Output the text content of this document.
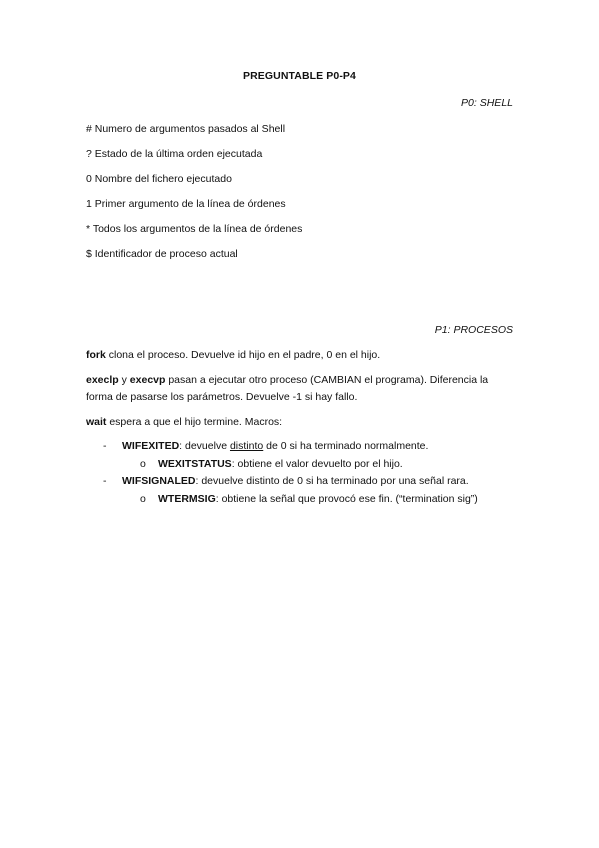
PREGUNTABLE P0-P4
P0: SHELL
# Numero de argumentos pasados al Shell
? Estado de la última orden ejecutada
0 Nombre del fichero ejecutado
1 Primer argumento de la línea de órdenes
* Todos los argumentos de la línea de órdenes
$ Identificador de proceso actual
P1: PROCESOS
fork clona el proceso. Devuelve id hijo en el padre, 0 en el hijo.
execlp y execvp pasan a ejecutar otro proceso (CAMBIAN el programa). Diferencia la forma de pasarse los parámetros. Devuelve -1 si hay fallo.
wait espera a que el hijo termine. Macros:
- WIFEXITED: devuelve distinto de 0 si ha terminado normalmente.
o WEXITSTATUS: obtiene el valor devuelto por el hijo.
- WIFSIGNALED: devuelve distinto de 0 si ha terminado por una señal rara.
o WTERMSIG: obtiene la señal que provocó ese fin. (“termination sig”)
